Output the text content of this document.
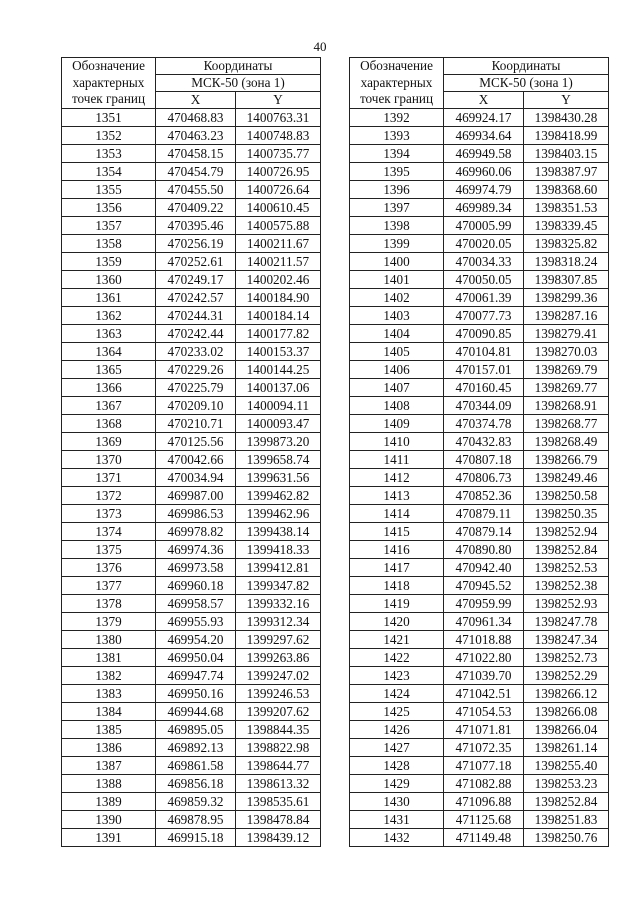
40
Обозначение
характерных
точек границ	Координаты	
	МСК-50 (зона 1)	
	X	Y
1351	470468.83	1400763.31
1352	470463.23	1400748.83
1353	470458.15	1400735.77
1354	470454.79	1400726.95
1355	470455.50	1400726.64
1356	470409.22	1400610.45
1357	470395.46	1400575.88
1358	470256.19	1400211.67
1359	470252.61	1400211.57
1360	470249.17	1400202.46
1361	470242.57	1400184.90
1362	470244.31	1400184.14
1363	470242.44	1400177.82
1364	470233.02	1400153.37
1365	470229.26	1400144.25
1366	470225.79	1400137.06
1367	470209.10	1400094.11
1368	470210.71	1400093.47
1369	470125.56	1399873.20
1370	470042.66	1399658.74
1371	470034.94	1399631.56
1372	469987.00	1399462.82
1373	469986.53	1399462.96
1374	469978.82	1399438.14
1375	469974.36	1399418.33
1376	469973.58	1399412.81
1377	469960.18	1399347.82
1378	469958.57	1399332.16
1379	469955.93	1399312.34
1380	469954.20	1399297.62
1381	469950.04	1399263.86
1382	469947.74	1399247.02
1383	469950.16	1399246.53
1384	469944.68	1399207.62
1385	469895.05	1398844.35
1386	469892.13	1398822.98
1387	469861.58	1398644.77
1388	469856.18	1398613.32
1389	469859.32	1398535.61
1390	469878.95	1398478.84
1391	469915.18	1398439.12
Обозначение
характерных
точек границ	Координаты	
	МСК-50 (зона 1)	
	X	Y
1392	469924.17	1398430.28
1393	469934.64	1398418.99
1394	469949.58	1398403.15
1395	469960.06	1398387.97
1396	469974.79	1398368.60
1397	469989.34	1398351.53
1398	470005.99	1398339.45
1399	470020.05	1398325.82
1400	470034.33	1398318.24
1401	470050.05	1398307.85
1402	470061.39	1398299.36
1403	470077.73	1398287.16
1404	470090.85	1398279.41
1405	470104.81	1398270.03
1406	470157.01	1398269.79
1407	470160.45	1398269.77
1408	470344.09	1398268.91
1409	470374.78	1398268.77
1410	470432.83	1398268.49
1411	470807.18	1398266.79
1412	470806.73	1398249.46
1413	470852.36	1398250.58
1414	470879.11	1398250.35
1415	470879.14	1398252.94
1416	470890.80	1398252.84
1417	470942.40	1398252.53
1418	470945.52	1398252.38
1419	470959.99	1398252.93
1420	470961.34	1398247.78
1421	471018.88	1398247.34
1422	471022.80	1398252.73
1423	471039.70	1398252.29
1424	471042.51	1398266.12
1425	471054.53	1398266.08
1426	471071.81	1398266.04
1427	471072.35	1398261.14
1428	471077.18	1398255.40
1429	471082.88	1398253.23
1430	471096.88	1398252.84
1431	471125.68	1398251.83
1432	471149.48	1398250.76
